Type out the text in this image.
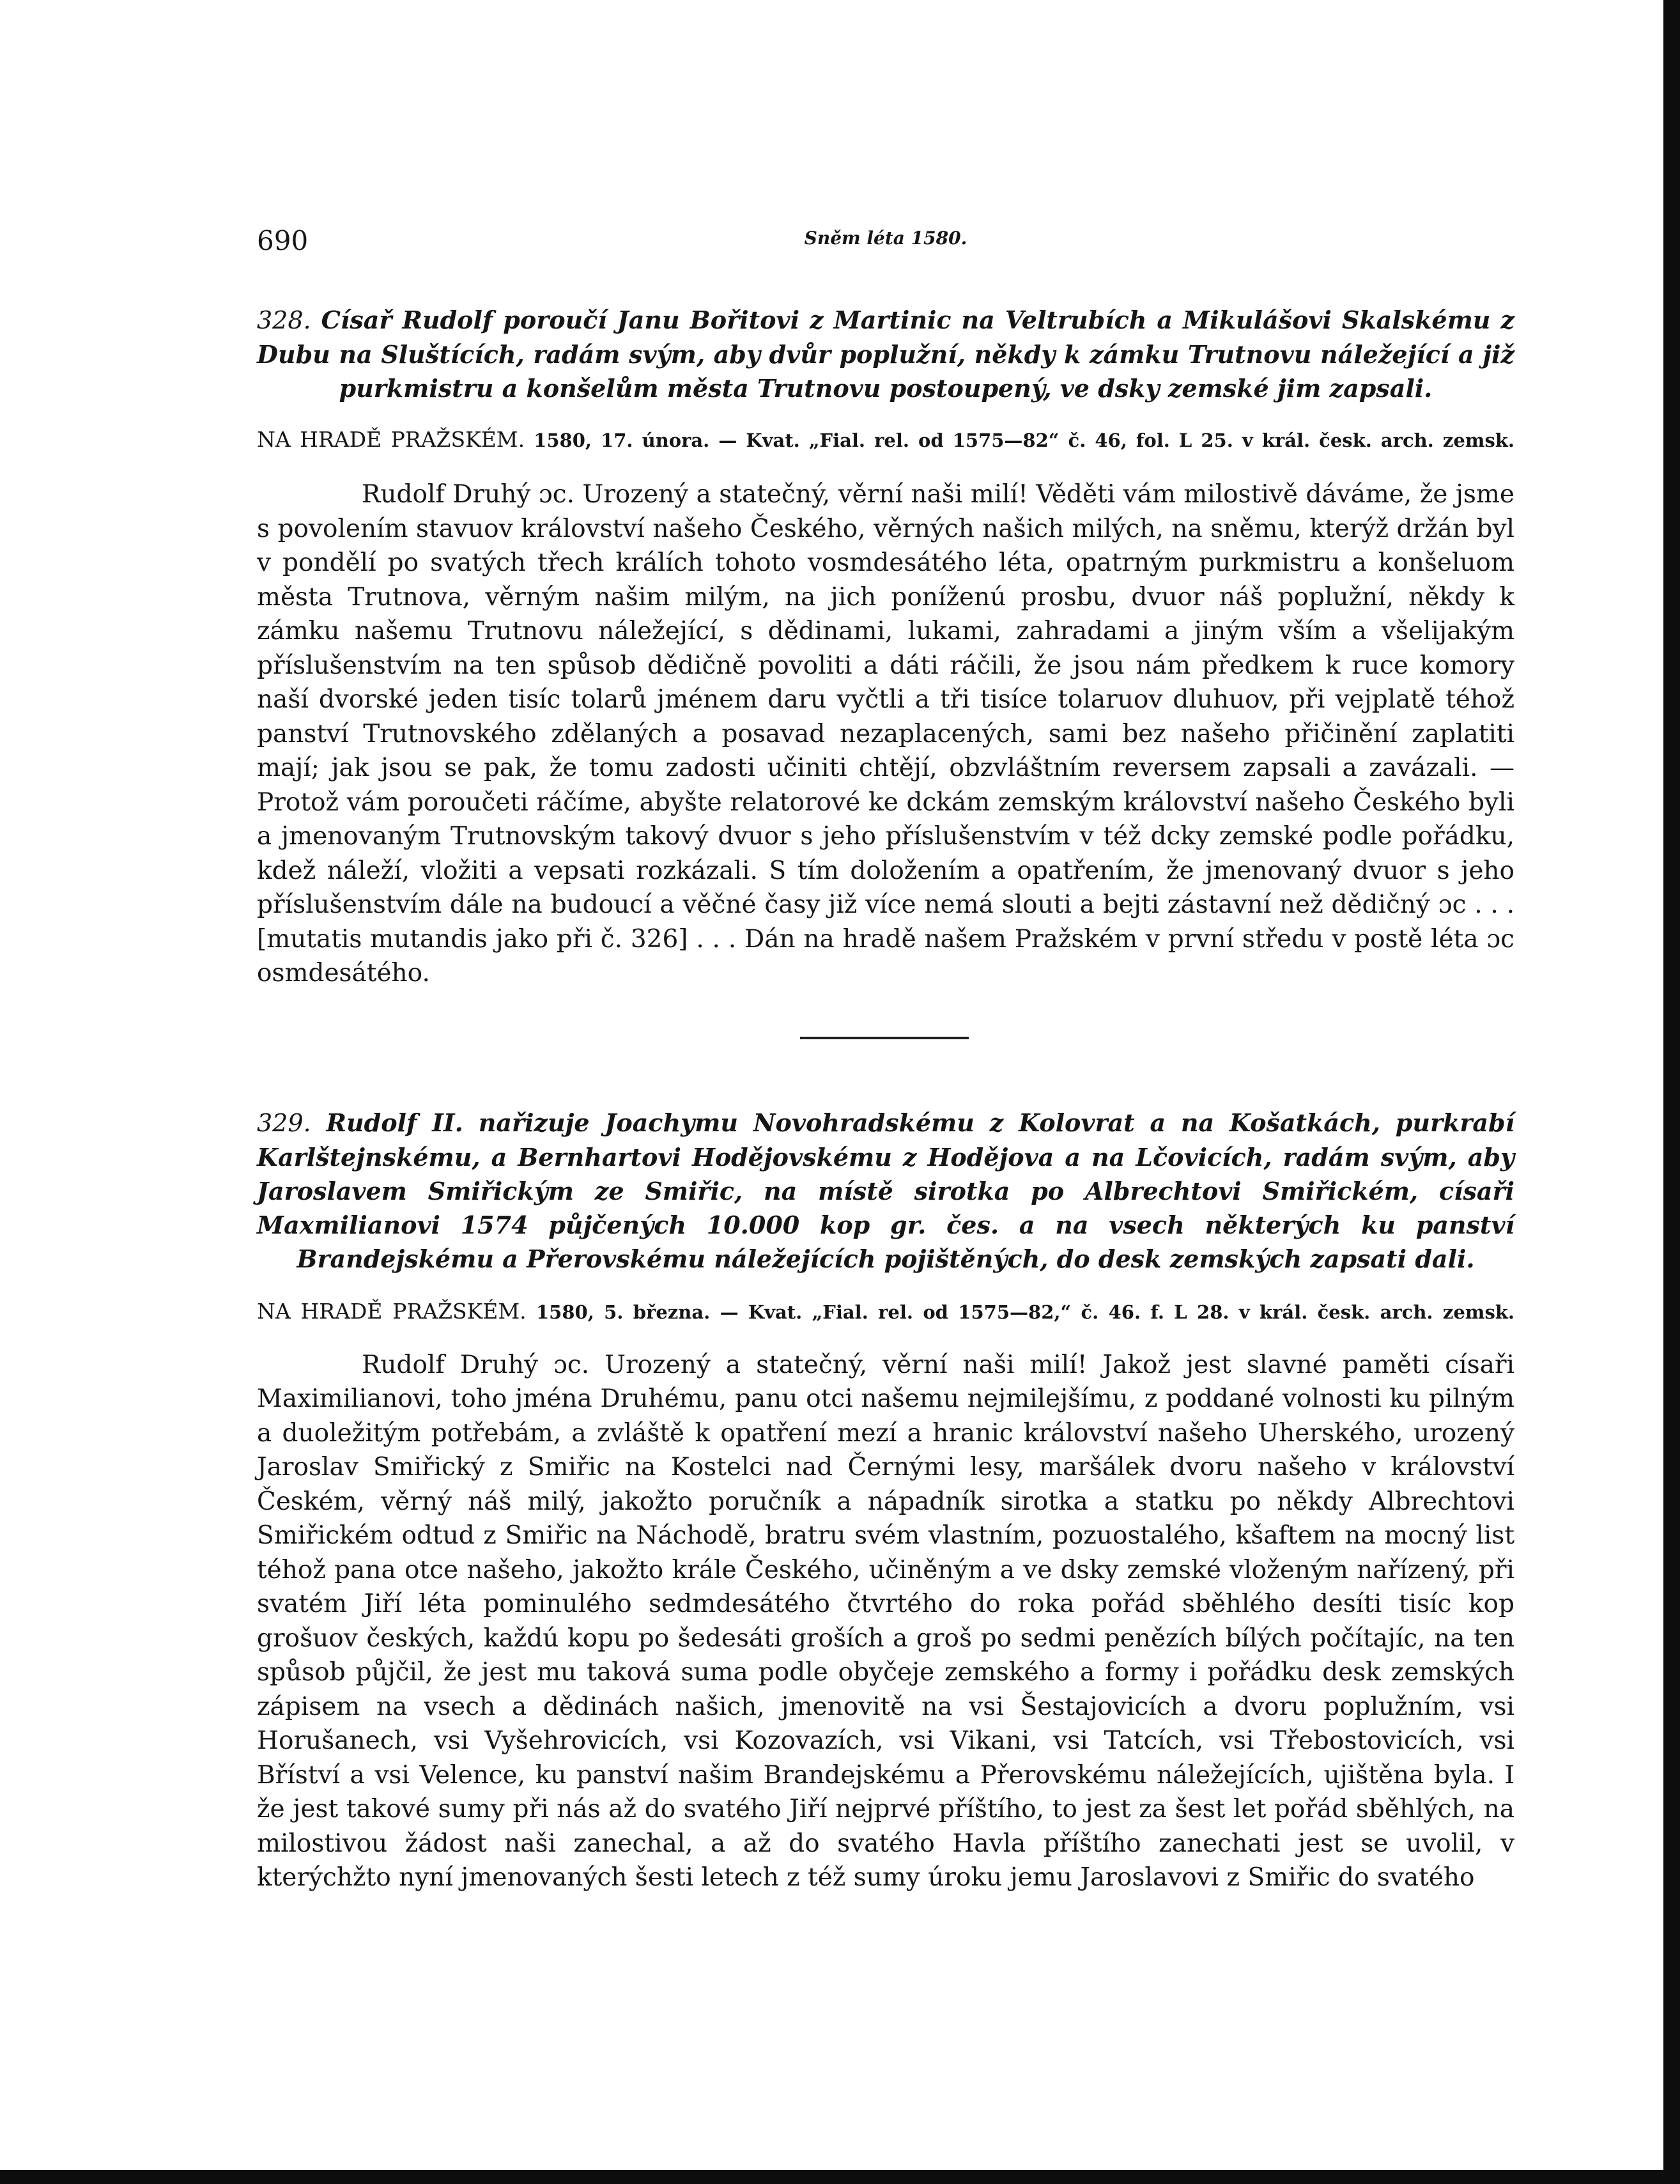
690	Sněm léta 1580.

328. Císař Rudolf poroučí Janu Bořitovi z Martinic na Veltrubích a Mikulášovi Skalskému z Dubu na Sluštících, radám svým, aby dvůr poplužní, někdy k zámku Trutnovu náležející a již purkmistru a konšelům města Trutnovu postoupený, ve dsky zemské jim zapsali.

NA HRADĚ PRAŽSKÉM. 1580, 17. února. — Kvat. „Fial. rel. od 1575—82“ č. 46, fol. L 25. v král. česk. arch. zemsk.

Rudolf Druhý ɔc. Urozený a statečný, věrní naši milí! Věděti vám milostivě dáváme, že jsme s povolením stavuov království našeho Českého, věrných našich milých, na sněmu, kterýž držán byl v pondělí po svatých třech králích tohoto vosmdesátého léta, opatrným purkmistru a konšeluom města Trutnova, věrným našim milým, na jich poníženú prosbu, dvuor náš poplužní, někdy k zámku našemu Trutnovu náležející, s dědinami, lukami, zahradami a jiným vším a všelijakým příslušenstvím na ten spůsob dědičně povoliti a dáti ráčili, že jsou nám předkem k ruce komory naší dvorské jeden tisíc tolarů jménem daru vyčtli a tři tisíce tolaruov dluhuov, při vejplatě téhož panství Trutnovského zdělaných a posavad nezaplacených, sami bez našeho přičinění zaplatiti mají; jak jsou se pak, že tomu zadosti učiniti chtějí, obzvláštním reversem zapsali a zavázali. — Protož vám poroučeti ráčíme, abyšte relatorové ke dckám zemským království našeho Českého byli a jmenovaným Trutnovským takový dvuor s jeho příslušenstvím v též dcky zemské podle pořádku, kdež náleží, vložiti a vepsati rozkázali. S tím doložením a opatřením, že jmenovaný dvuor s jeho příslušenstvím dále na budoucí a věčné časy již více nemá slouti a bejti zástavní než dědičný ɔc . . . [mutatis mutandis jako při č. 326] . . . Dán na hradě našem Pražském v první středu v postě léta ɔc osmdesátého.

329. Rudolf II. nařizuje Joachymu Novohradskému z Kolovrat a na Košatkách, purkrabí Karlštejnskému, a Bernhartovi Hodějovskému z Hodějova a na Lčovicích, radám svým, aby Jaroslavem Smiřickým ze Smiřic, na místě sirotka po Albrechtovi Smiřickém, císaři Maxmilianovi 1574 půjčených 10.000 kop gr. čes. a na vsech některých ku panství Brandejskému a Přerovskému náležejících pojištěných, do desk zemských zapsati dali.

NA HRADĚ PRAŽSKÉM. 1580, 5. března. — Kvat. „Fial. rel. od 1575—82,“ č. 46. f. L 28. v král. česk. arch. zemsk.

Rudolf Druhý ɔc. Urozený a statečný, věrní naši milí! Jakož jest slavné paměti císaři Maximilianovi, toho jména Druhému, panu otci našemu nejmilejšímu, z poddané volnosti ku pilným a duoležitým potřebám, a zvláště k opatření mezí a hranic království našeho Uherského, urozený Jaroslav Smiřický z Smiřic na Kostelci nad Černými lesy, maršálek dvoru našeho v království Českém, věrný náš milý, jakožto poručník a nápadník sirotka a statku po někdy Albrechtovi Smiřickém odtud z Smiřic na Náchodě, bratru svém vlastním, pozuostalého, kšaftem na mocný list téhož pana otce našeho, jakožto krále Českého, učiněným a ve dsky zemské vloženým nařízený, při svatém Jiří léta pominulého sedmdesátého čtvrtého do roka pořád sběhlého desíti tisíc kop grošuov českých, každú kopu po šedesáti groších a groš po sedmi penězích bílých počítajíc, na ten spůsob půjčil, že jest mu taková suma podle obyčeje zemského a formy i pořádku desk zemských zápisem na vsech a dědinách našich, jmenovitě na vsi Šestajovicích a dvoru poplužním, vsi Horušanech, vsi Vyšehrovicích, vsi Kozovazích, vsi Vikani, vsi Tatcích, vsi Třebostovicích, vsi Bříství a vsi Velence, ku panství našim Brandejskému a Přerovskému náležejících, ujištěna byla. I že jest takové sumy při nás až do svatého Jiří nejprvé příštího, to jest za šest let pořád sběhlých, na milostivou žádost naši zanechal, a až do svatého Havla příštího zanechati jest se uvolil, v kterýchžto nyní jmenovaných šesti letech z též sumy úroku jemu Jaroslavovi z Smiřic do svatého
